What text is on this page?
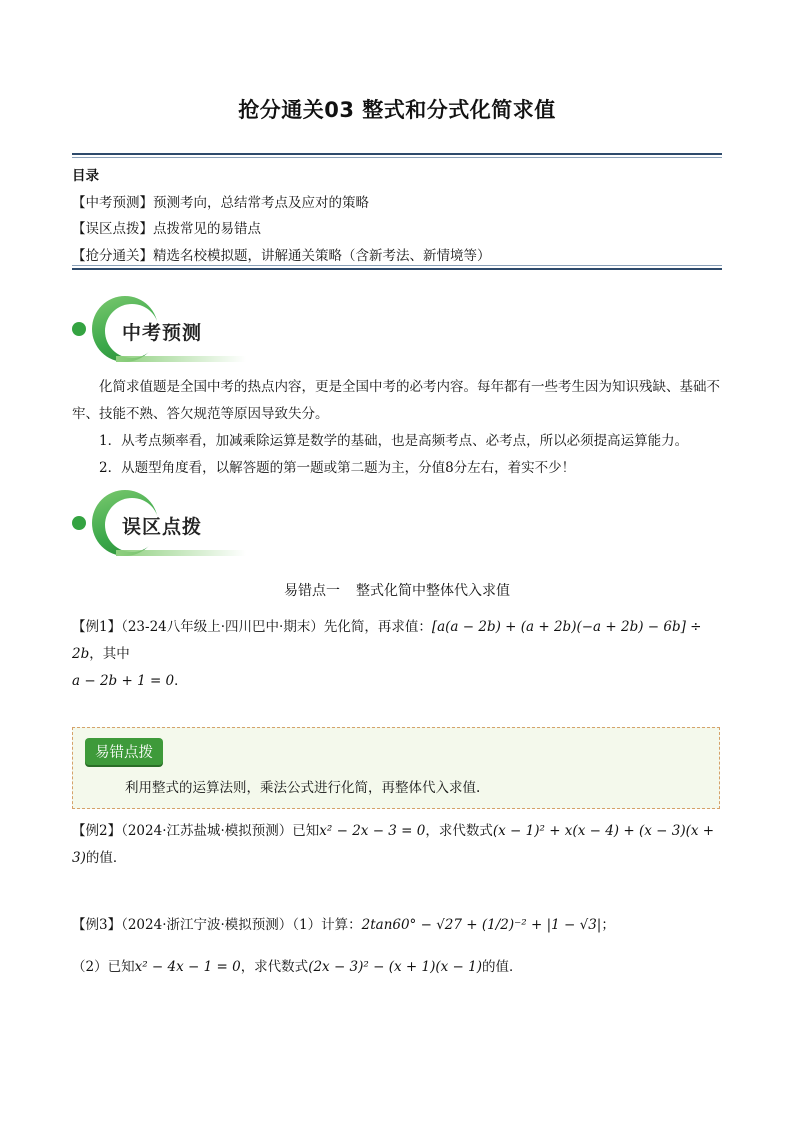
抢分通关03 整式和分式化简求值
目录
【中考预测】预测考向，总结常考点及应对的策略
【误区点拨】点拨常见的易错点
【抢分通关】精选名校模拟题，讲解通关策略（含新考法、新情境等）
中考预测
化简求值题是全国中考的热点内容，更是全国中考的必考内容。每年都有一些考生因为知识残缺、基础不牢、技能不熟、答欠规范等原因导致失分。
1．从考点频率看，加减乘除运算是数学的基础，也是高频考点、必考点，所以必须提高运算能力。
2．从题型角度看，以解答题的第一题或第二题为主，分值8分左右，着实不少！
误区点拨
易错点一 整式化简中整体代入求值
【例1】（23-24八年级上·四川巴中·期末）先化简，再求值：[a(a − 2b) + (a + 2b)(−a + 2b) − 6b] ÷ 2b，其中
a − 2b + 1 = 0．
易错点拨
利用整式的运算法则，乘法公式进行化简，再整体代入求值.
【例2】（2024·江苏盐城·模拟预测）已知x² − 2x − 3 = 0，求代数式(x − 1)² + x(x − 4) + (x − 3)(x + 3)的值．
【例3】（2024·浙江宁波·模拟预测）（1）计算：2tan60° − √27 + (1/2)⁻² + |1 − √3|；
（2）已知x² − 4x − 1 = 0，求代数式(2x − 3)² − (x + 1)(x − 1)的值．
